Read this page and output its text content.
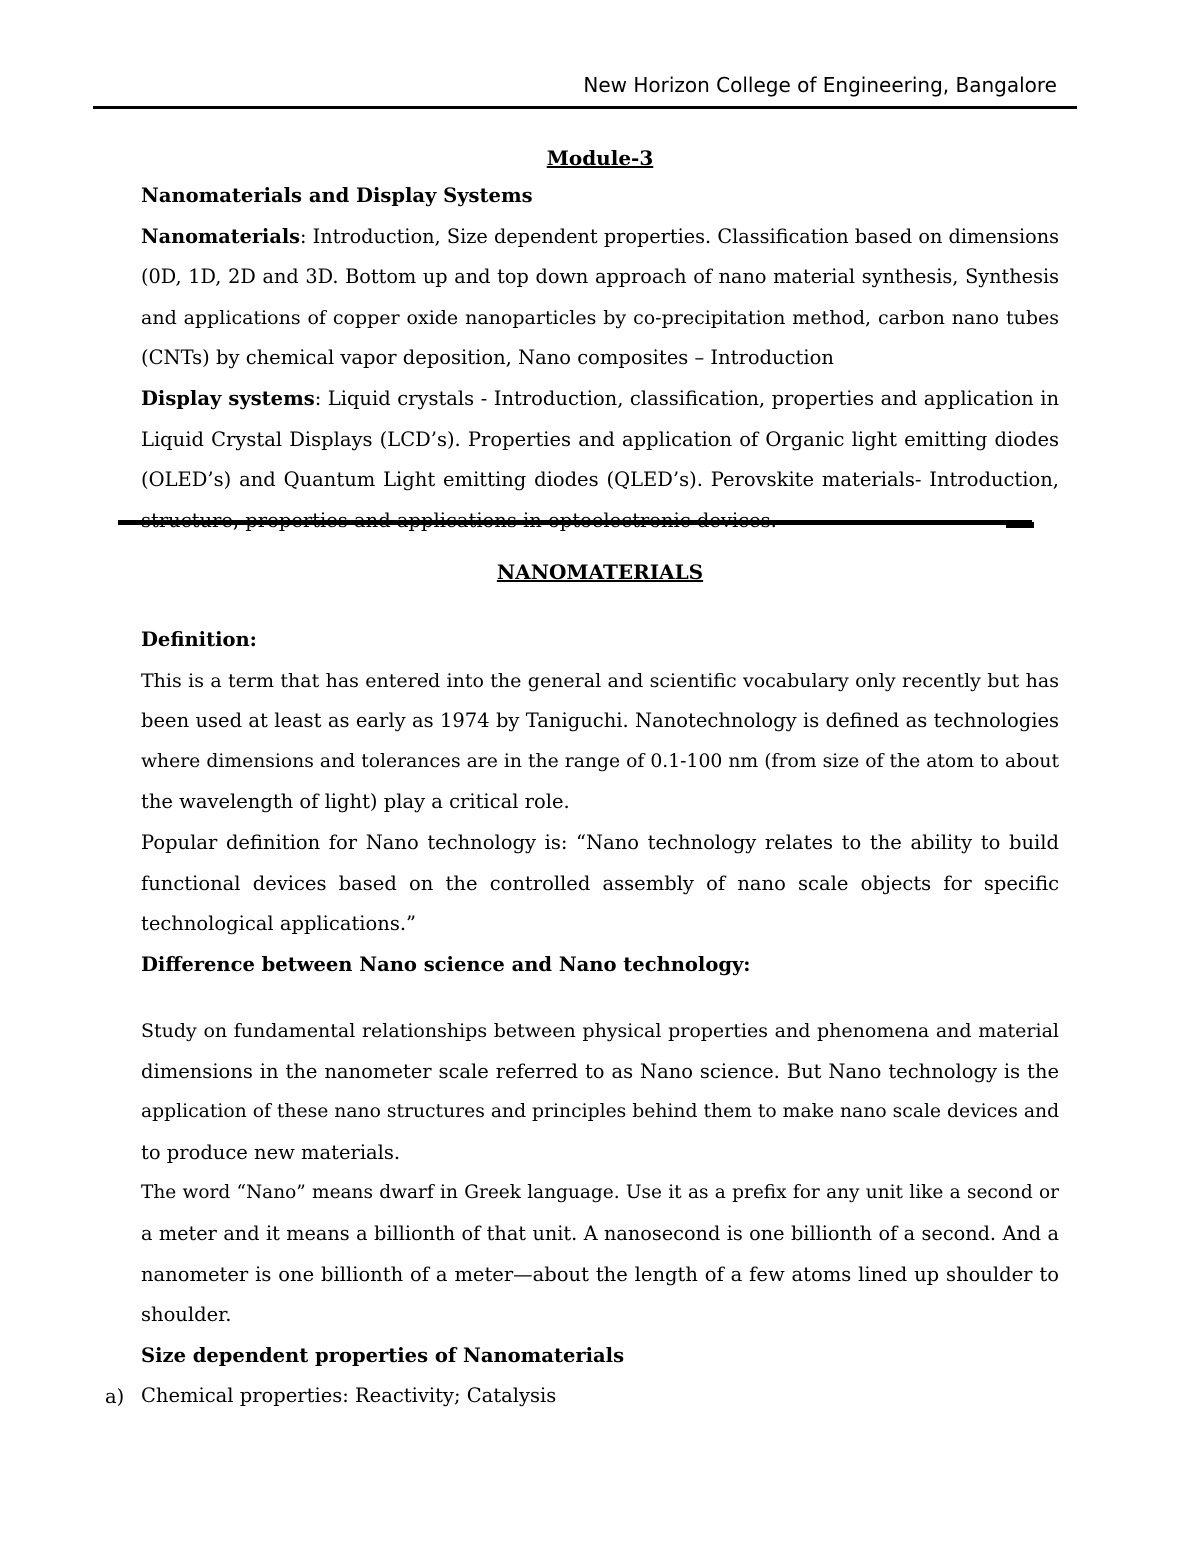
New Horizon College of Engineering, Bangalore
Module-3
Nanomaterials and Display Systems
Nanomaterials: Introduction, Size dependent properties. Classification based on dimensions
(0D, 1D, 2D and 3D. Bottom up and top down approach of nano material synthesis, Synthesis
and applications of copper oxide nanoparticles by co-precipitation method, carbon nano tubes
(CNTs) by chemical vapor deposition, Nano composites – Introduction
Display systems: Liquid crystals - Introduction, classification, properties and application in
Liquid Crystal Displays (LCD’s). Properties and application of Organic light emitting diodes
(OLED’s) and Quantum Light emitting diodes (QLED’s). Perovskite materials- Introduction,
NANOMATERIALS
Definition:
This is a term that has entered into the general and scientific vocabulary only recently but has
been used at least as early as 1974 by Taniguchi. Nanotechnology is defined as technologies
where dimensions and tolerances are in the range of 0.1-100 nm (from size of the atom to about
the wavelength of light) play a critical role.
Popular definition for Nano technology is: “Nano technology relates to the ability to build
functional devices based on the controlled assembly of nano scale objects for specific
technological applications.”
Difference between Nano science and Nano technology:
Study on fundamental relationships between physical properties and phenomena and material
dimensions in the nanometer scale referred to as Nano science. But Nano technology is the
application of these nano structures and principles behind them to make nano scale devices and
to produce new materials.
The word “Nano” means dwarf in Greek language. Use it as a prefix for any unit like a second or
a meter and it means a billionth of that unit. A nanosecond is one billionth of a second. And a
nanometer is one billionth of a meter—about the length of a few atoms lined up shoulder to
shoulder.
Size dependent properties of Nanomaterials
Chemical properties: Reactivity; Catalysis
a)
